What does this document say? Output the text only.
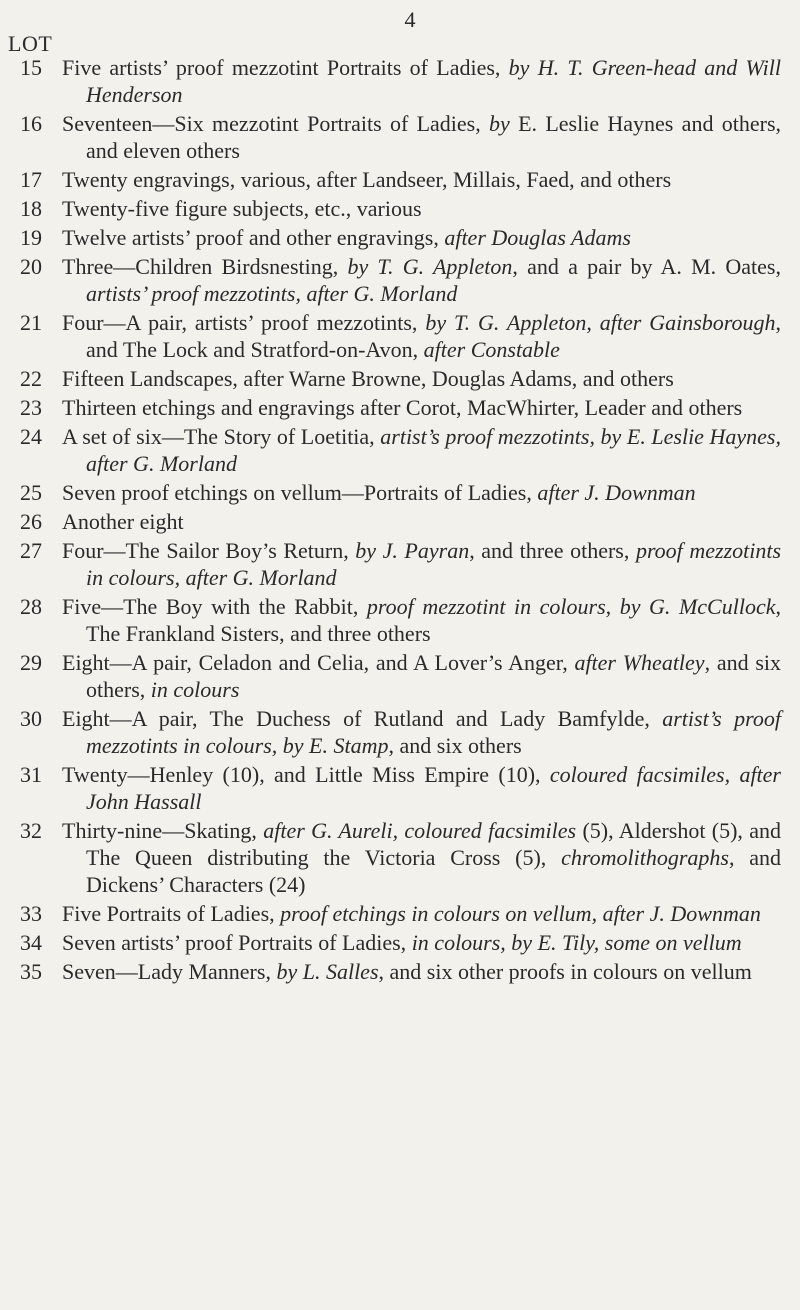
4
LOT
15 Five artists’ proof mezzotint Portraits of Ladies, by H. T. Green-head and Will Henderson
16 Seventeen—Six mezzotint Portraits of Ladies, by E. Leslie Haynes and others, and eleven others
17 Twenty engravings, various, after Landseer, Millais, Faed, and others
18 Twenty-five figure subjects, etc., various
19 Twelve artists’ proof and other engravings, after Douglas Adams
20 Three—Children Birdsnesting, by T. G. Appleton, and a pair by A. M. Oates, artists’ proof mezzotints, after G. Morland
21 Four—A pair, artists’ proof mezzotints, by T. G. Appleton, after Gainsborough, and The Lock and Stratford-on-Avon, after Constable
22 Fifteen Landscapes, after Warne Browne, Douglas Adams, and others
23 Thirteen etchings and engravings after Corot, MacWhirter, Leader and others
24 A set of six—The Story of Loetitia, artist’s proof mezzotints, by E. Leslie Haynes, after G. Morland
25 Seven proof etchings on vellum—Portraits of Ladies, after J. Downman
26 Another eight
27 Four—The Sailor Boy’s Return, by J. Payran, and three others, proof mezzotints in colours, after G. Morland
28 Five—The Boy with the Rabbit, proof mezzotint in colours, by G. McCullock, The Frankland Sisters, and three others
29 Eight—A pair, Celadon and Celia, and A Lover’s Anger, after Wheatley, and six others, in colours
30 Eight—A pair, The Duchess of Rutland and Lady Bamfylde, artist’s proof mezzotints in colours, by E. Stamp, and six others
31 Twenty—Henley (10), and Little Miss Empire (10), coloured facsimiles, after John Hassall
32 Thirty-nine—Skating, after G. Aureli, coloured facsimiles (5), Aldershot (5), and The Queen distributing the Victoria Cross (5), chromolithographs, and Dickens’ Characters (24)
33 Five Portraits of Ladies, proof etchings in colours on vellum, after J. Downman
34 Seven artists’ proof Portraits of Ladies, in colours, by E. Tily, some on vellum
35 Seven—Lady Manners, by L. Salles, and six other proofs in colours on vellum
